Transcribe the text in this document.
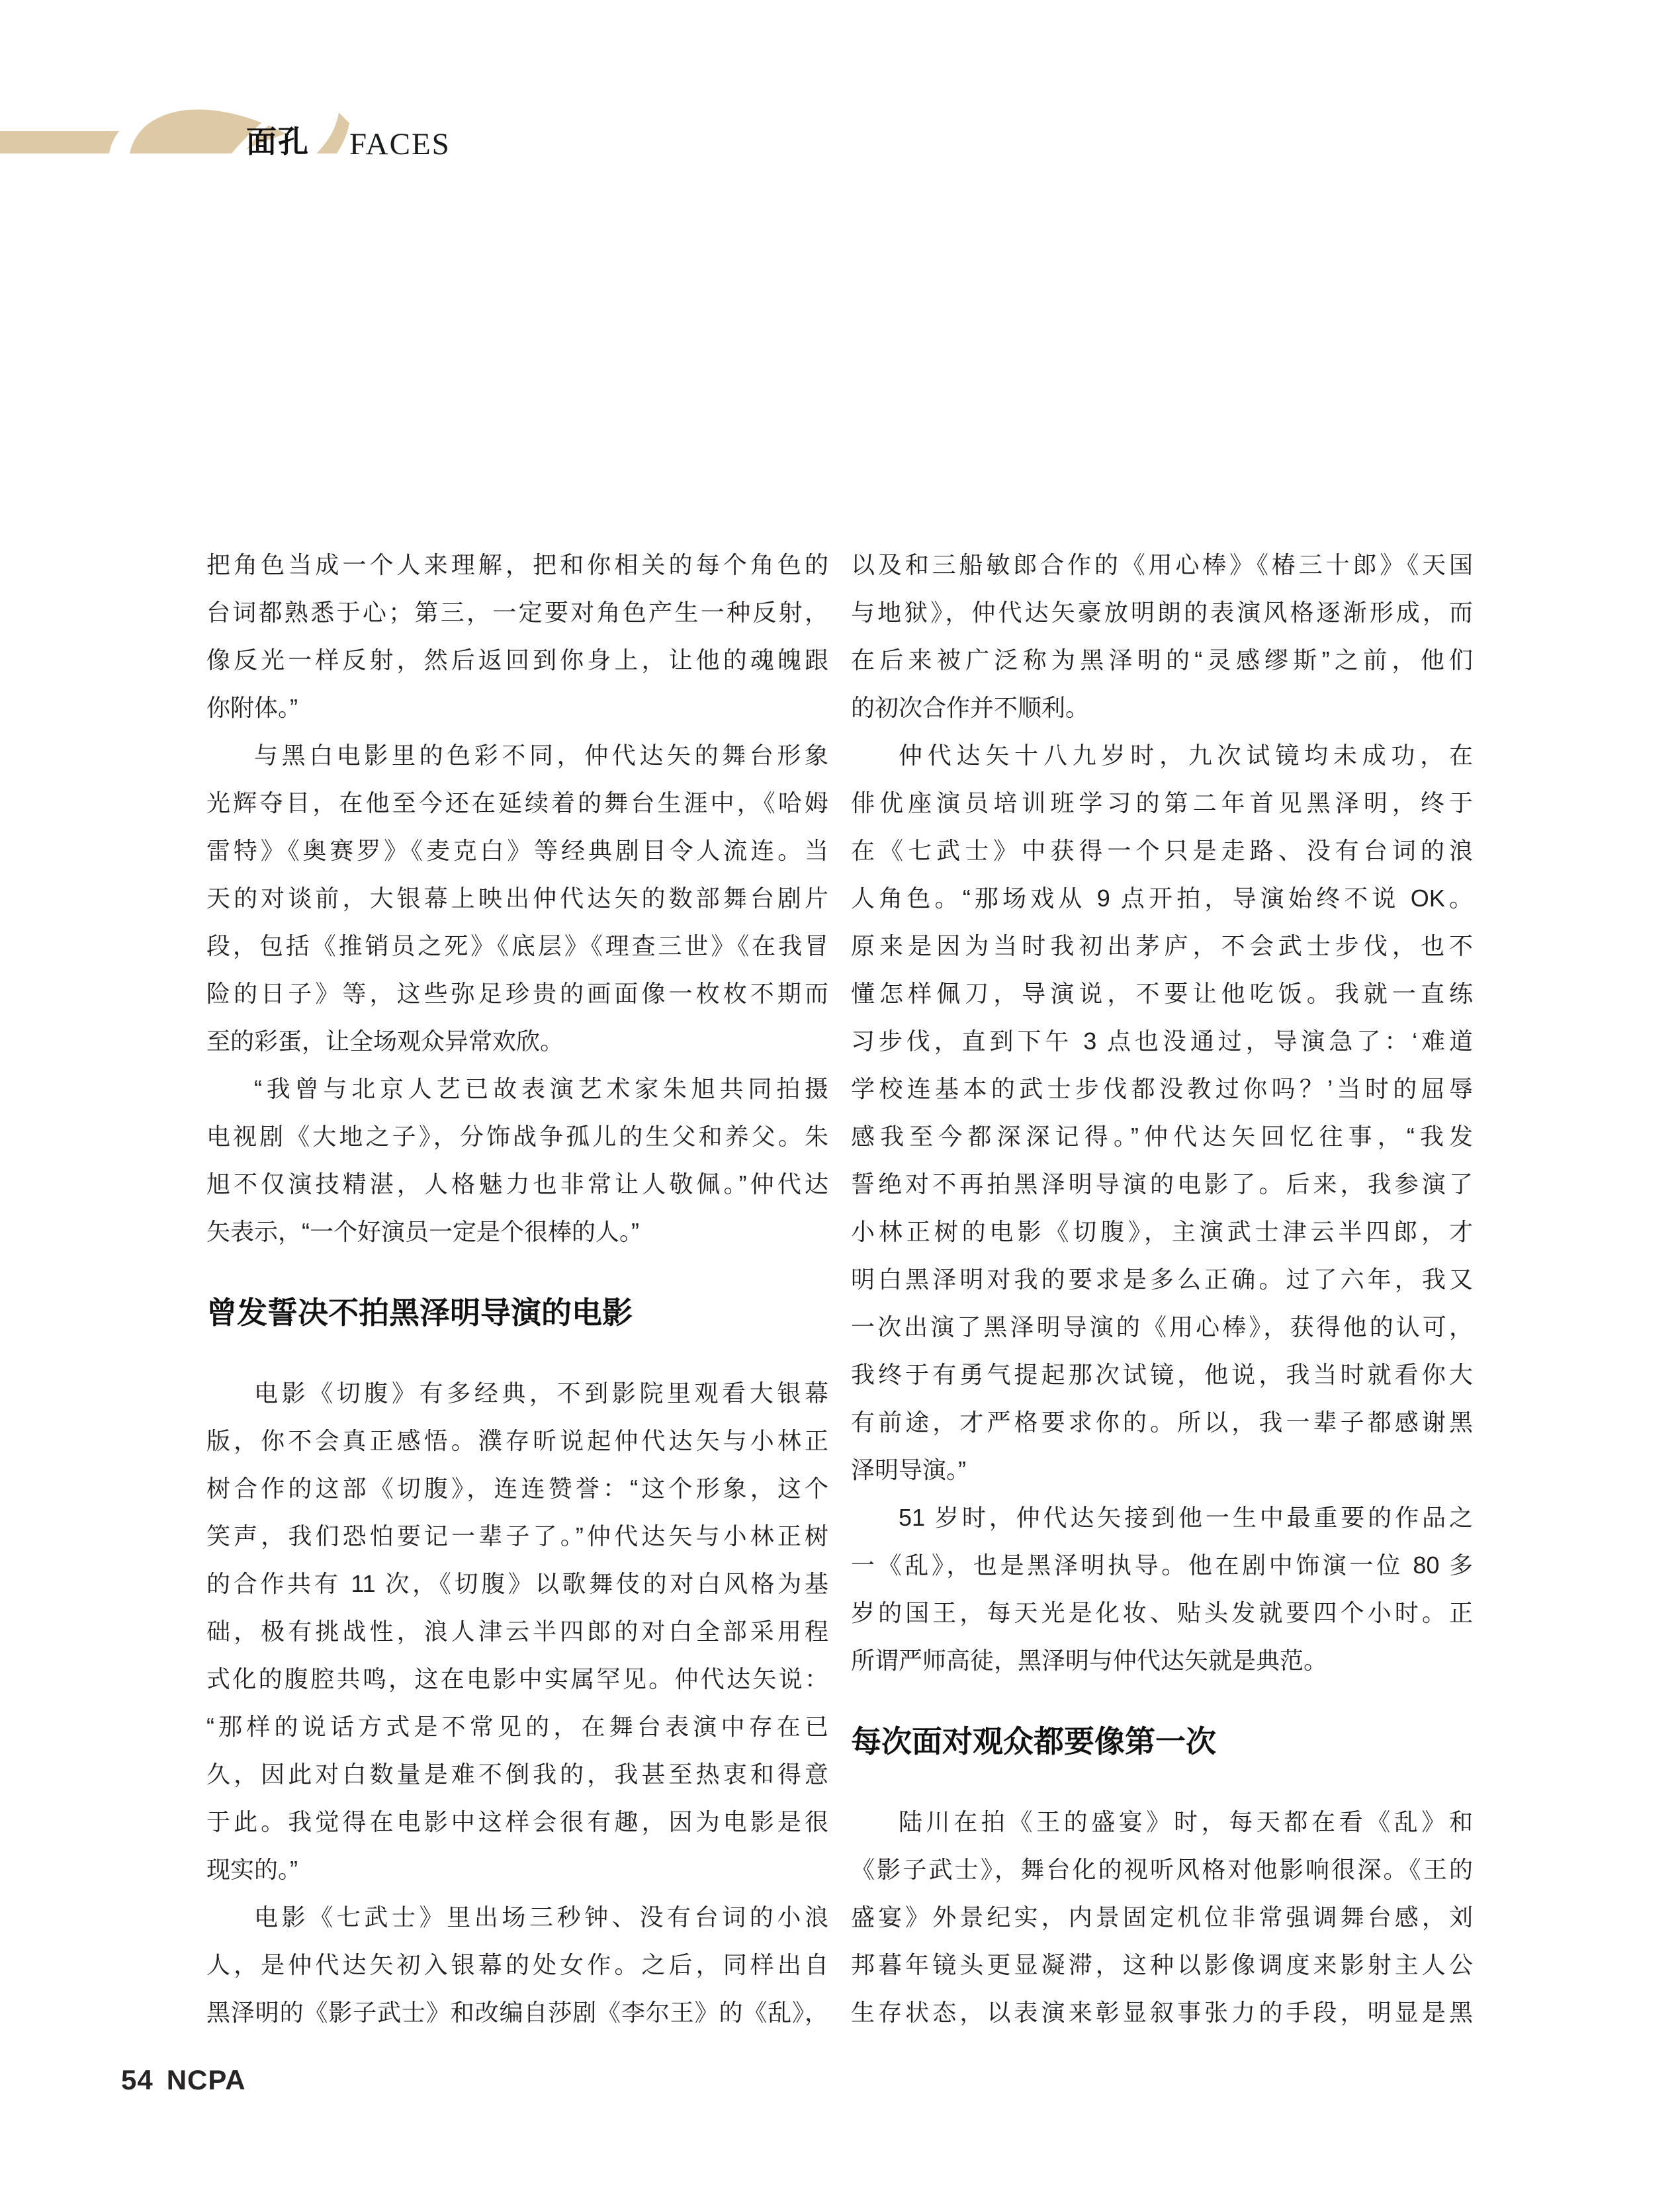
面孔 FACES
把角色当成一个人来理解，把和你相关的每个角色的
台词都熟悉于心；第三，一定要对角色产生一种反射，
像反光一样反射，然后返回到你身上，让他的魂魄跟
你附体。”
与黑白电影里的色彩不同，仲代达矢的舞台形象
光辉夺目，在他至今还在延续着的舞台生涯中，《哈姆
雷特》《奥赛罗》《麦克白》等经典剧目令人流连。当
天的对谈前，大银幕上映出仲代达矢的数部舞台剧片
段，包括《推销员之死》《底层》《理查三世》《在我冒
险的日子》等，这些弥足珍贵的画面像一枚枚不期而
至的彩蛋，让全场观众异常欢欣。
“我曾与北京人艺已故表演艺术家朱旭共同拍摄
电视剧《大地之子》，分饰战争孤儿的生父和养父。朱
旭不仅演技精湛，人格魅力也非常让人敬佩。”仲代达
矢表示，“一个好演员一定是个很棒的人。”
曾发誓决不拍黑泽明导演的电影
电影《切腹》有多经典，不到影院里观看大银幕
版，你不会真正感悟。濮存昕说起仲代达矢与小林正
树合作的这部《切腹》，连连赞誉：“这个形象，这个
笑声，我们恐怕要记一辈子了。”仲代达矢与小林正树
的合作共有 11 次，《切腹》以歌舞伎的对白风格为基
础，极有挑战性，浪人津云半四郎的对白全部采用程
式化的腹腔共鸣，这在电影中实属罕见。仲代达矢说：
“那样的说话方式是不常见的，在舞台表演中存在已
久，因此对白数量是难不倒我的，我甚至热衷和得意
于此。我觉得在电影中这样会很有趣，因为电影是很
现实的。”
电影《七武士》里出场三秒钟、没有台词的小浪
人，是仲代达矢初入银幕的处女作。之后，同样出自
黑泽明的《影子武士》和改编自莎剧《李尔王》的《乱》，
以及和三船敏郎合作的《用心棒》《椿三十郎》《天国
与地狱》，仲代达矢豪放明朗的表演风格逐渐形成，而
在后来被广泛称为黑泽明的“灵感缪斯”之前，他们
的初次合作并不顺利。
仲代达矢十八九岁时，九次试镜均未成功，在
俳优座演员培训班学习的第二年首见黑泽明，终于
在《七武士》中获得一个只是走路、没有台词的浪
人角色。“那场戏从 9 点开拍，导演始终不说 OK。
原来是因为当时我初出茅庐，不会武士步伐，也不
懂怎样佩刀，导演说，不要让他吃饭。我就一直练
习步伐，直到下午 3 点也没通过，导演急了：‘难道
学校连基本的武士步伐都没教过你吗？’当时的屈辱
感我至今都深深记得。”仲代达矢回忆往事，“我发
誓绝对不再拍黑泽明导演的电影了。后来，我参演了
小林正树的电影《切腹》，主演武士津云半四郎，才
明白黑泽明对我的要求是多么正确。过了六年，我又
一次出演了黑泽明导演的《用心棒》，获得他的认可，
我终于有勇气提起那次试镜，他说，我当时就看你大
有前途，才严格要求你的。所以，我一辈子都感谢黑
泽明导演。”
51 岁时，仲代达矢接到他一生中最重要的作品之
一《乱》，也是黑泽明执导。他在剧中饰演一位 80 多
岁的国王，每天光是化妆、贴头发就要四个小时。正
所谓严师高徒，黑泽明与仲代达矢就是典范。
每次面对观众都要像第一次
陆川在拍《王的盛宴》时，每天都在看《乱》和
《影子武士》，舞台化的视听风格对他影响很深。《王的
盛宴》外景纪实，内景固定机位非常强调舞台感，刘
邦暮年镜头更显凝滞，这种以影像调度来影射主人公
生存状态，以表演来彰显叙事张力的手段，明显是黑
54 NCPA
